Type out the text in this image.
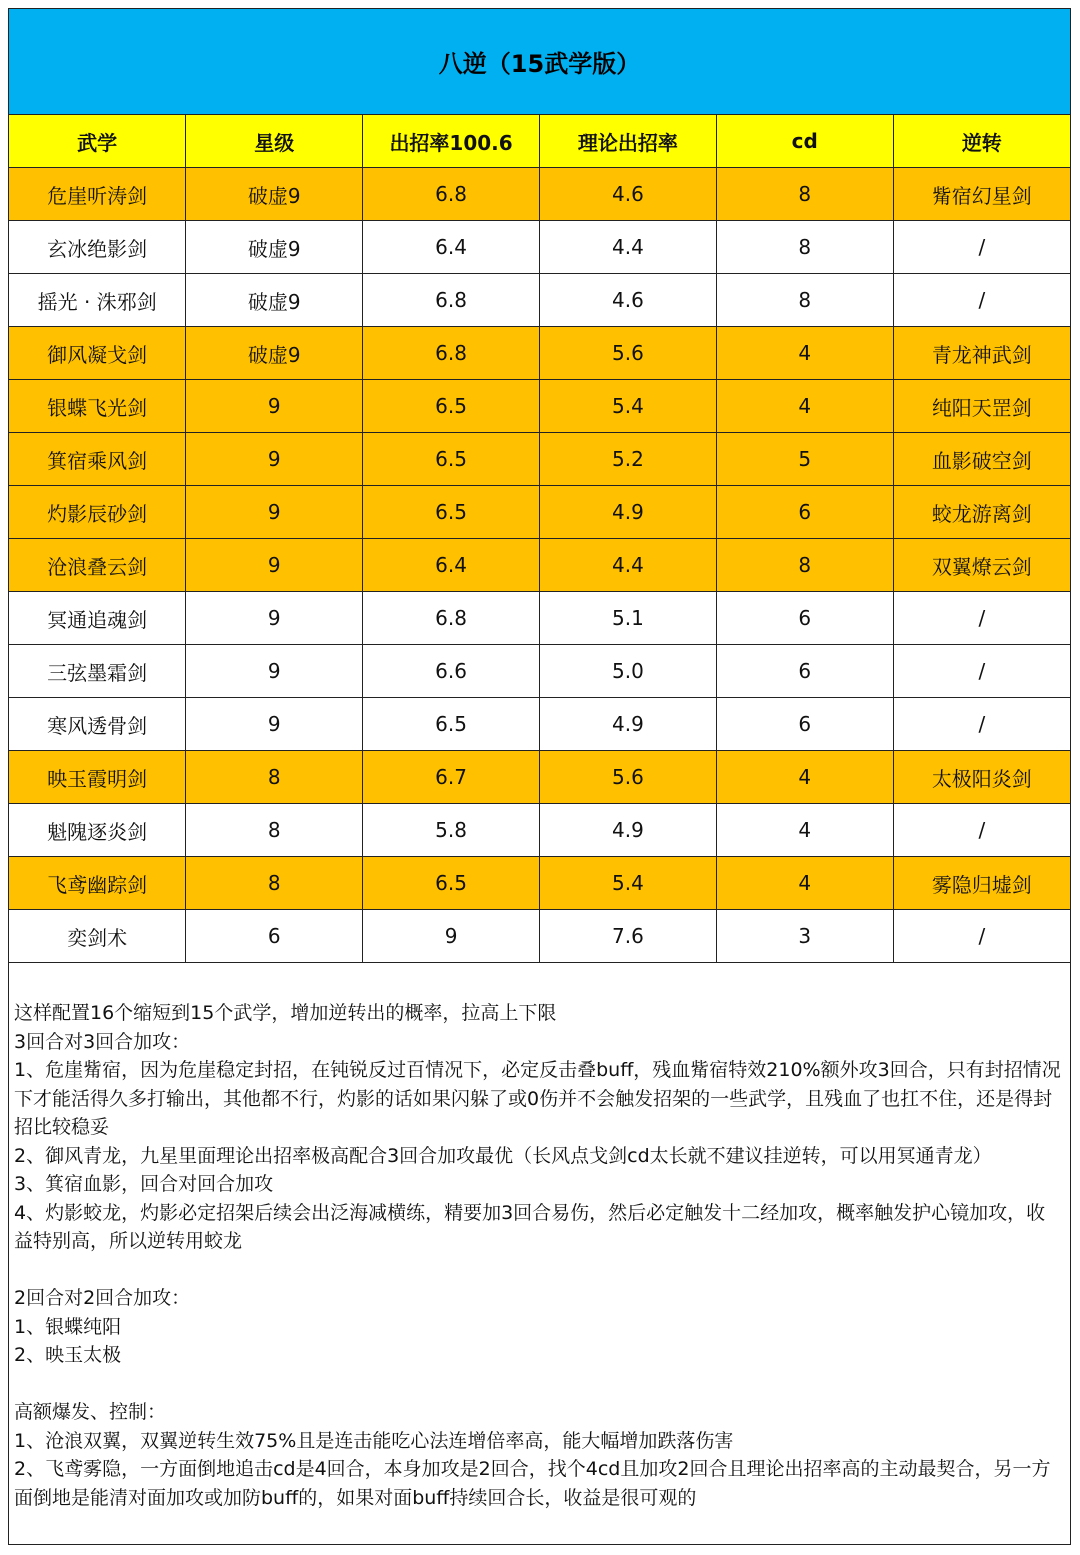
八逆（15武学版）
武学	星级	出招率100.6	理论出招率	cd	逆转
危崖听涛剑	破虚9	6.8	4.6	8	觜宿幻星剑
玄冰绝影剑	破虚9	6.4	4.4	8	/
摇光 · 洙邪剑	破虚9	6.8	4.6	8	/
御风凝戈剑	破虚9	6.8	5.6	4	青龙神武剑
银蝶飞光剑	9	6.5	5.4	4	纯阳天罡剑
箕宿乘风剑	9	6.5	5.2	5	血影破空剑
灼影辰砂剑	9	6.5	4.9	6	蛟龙游离剑
沧浪叠云剑	9	6.4	4.4	8	双翼燎云剑
冥通追魂剑	9	6.8	5.1	6	/
三弦墨霜剑	9	6.6	5.0	6	/
寒风透骨剑	9	6.5	4.9	6	/
映玉霞明剑	8	6.7	5.6	4	太极阳炎剑
魁隗逐炎剑	8	5.8	4.9	4	/
飞鸢幽踪剑	8	6.5	5.4	4	雾隐归墟剑
奕剑术	6	9	7.6	3	/

这样配置16个缩短到15个武学，增加逆转出的概率，拉高上下限

3回合对3回合加攻：

1、危崖觜宿，因为危崖稳定封招，在钝锐反过百情况下，必定反击叠buff，残血觜宿特效210%额外攻3回合，只有封招情况下才能活得久多打输出，其他都不行，灼影的话如果闪躲了或0伤并不会触发招架的一些武学，且残血了也扛不住，还是得封招比较稳妥

2、御风青龙，九星里面理论出招率极高配合3回合加攻最优（长风点戈剑cd太长就不建议挂逆转，可以用冥通青龙）

3、箕宿血影，回合对回合加攻

4、灼影蛟龙，灼影必定招架后续会出泛海减横练，精要加3回合易伤，然后必定触发十二经加攻，概率触发护心镜加攻，收益特别高，所以逆转用蛟龙

2回合对2回合加攻：

1、银蝶纯阳

2、映玉太极

高额爆发、控制：

1、沧浪双翼，双翼逆转生效75%且是连击能吃心法连增倍率高，能大幅增加跌落伤害

2、飞鸢雾隐，一方面倒地追击cd是4回合，本身加攻是2回合，找个4cd且加攻2回合且理论出招率高的主动最契合，另一方面倒地是能清对面加攻或加防buff的，如果对面buff持续回合长，收益是很可观的
